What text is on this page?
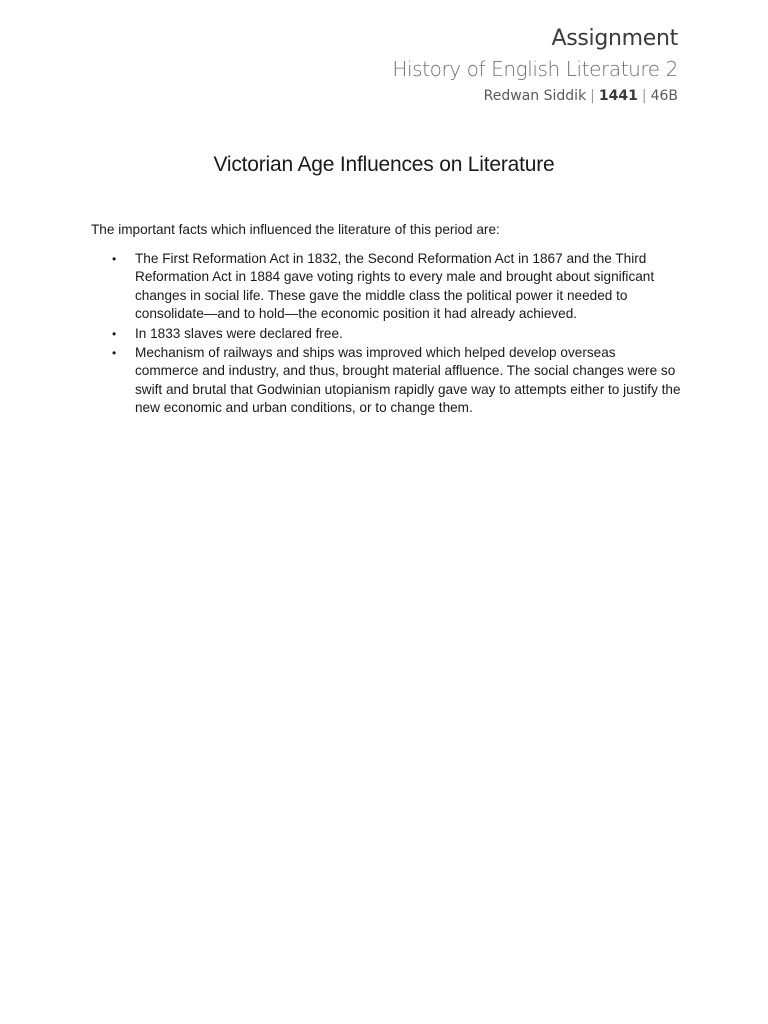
Assignment
History of English Literature 2
Redwan Siddik | 1441 | 46B
Victorian Age Influences on Literature
The important facts which influenced the literature of this period are:
• The First Reformation Act in 1832, the Second Reformation Act in 1867 and the Third Reformation Act in 1884 gave voting rights to every male and brought about significant changes in social life. These gave the middle class the political power it needed to consolidate—and to hold—the economic position it had already achieved.
• In 1833 slaves were declared free.
• Mechanism of railways and ships was improved which helped develop overseas commerce and industry, and thus, brought material affluence. The social changes were so swift and brutal that Godwinian utopianism rapidly gave way to attempts either to justify the new economic and urban conditions, or to change them.
